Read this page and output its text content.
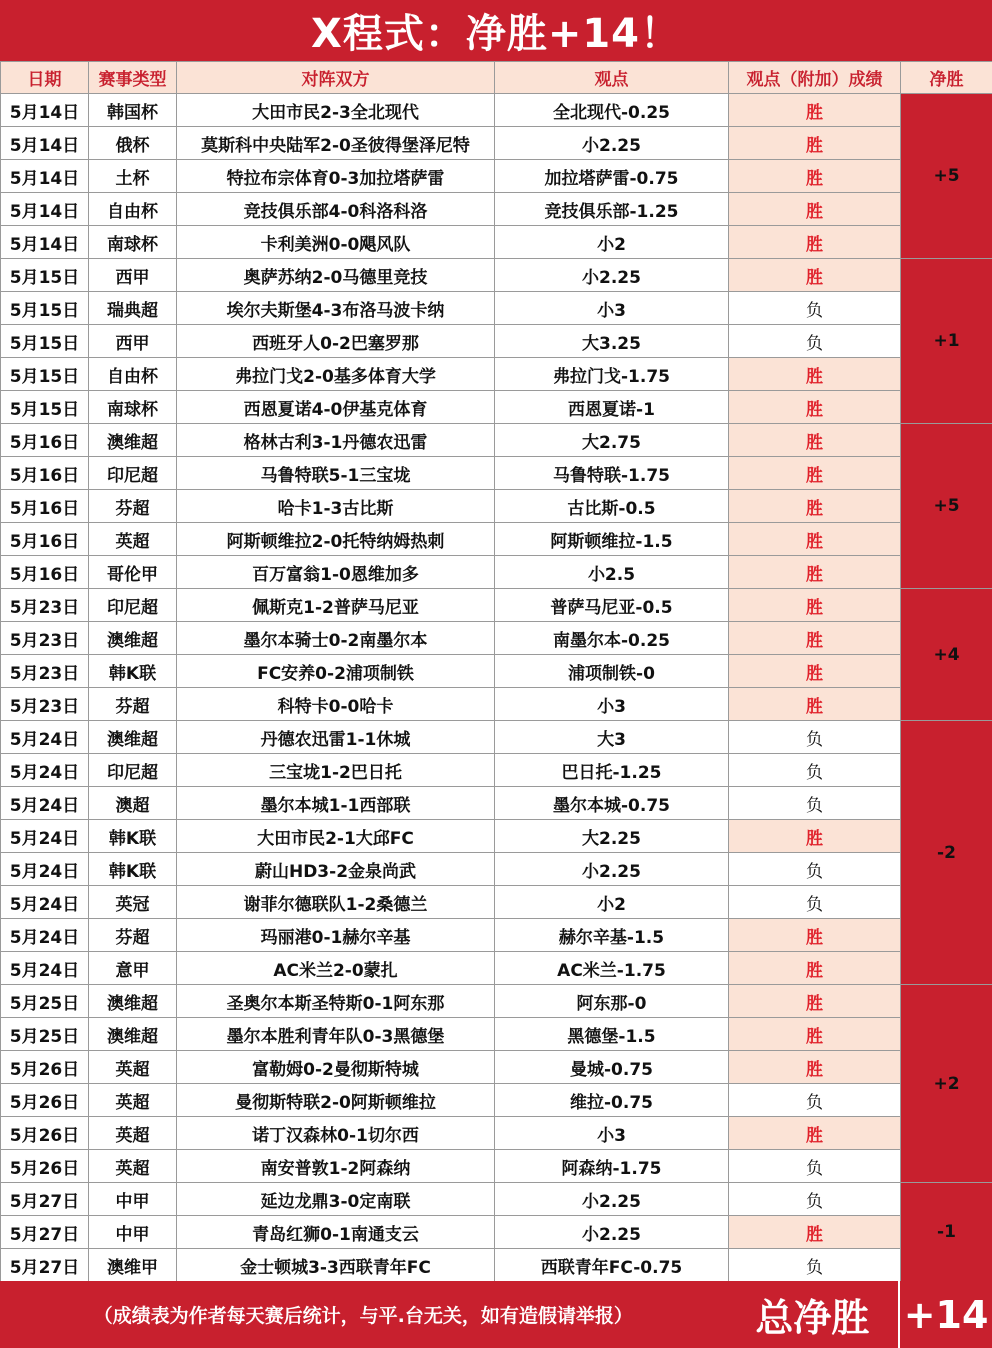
X程式：净胜+14！
日期	赛事类型	对阵双方	观点	观点（附加）成绩	净胜
5月14日	韩国杯	大田市民2-3全北现代	全北现代-0.25	胜	+5
5月14日	俄杯	莫斯科中央陆军2-0圣彼得堡泽尼特	小2.25	胜	
5月14日	土杯	特拉布宗体育0-3加拉塔萨雷	加拉塔萨雷-0.75	胜	
5月14日	自由杯	竞技俱乐部4-0科洛科洛	竞技俱乐部-1.25	胜	
5月14日	南球杯	卡利美洲0-0飓风队	小2	胜	
5月15日	西甲	奥萨苏纳2-0马德里竞技	小2.25	胜	+1
5月15日	瑞典超	埃尔夫斯堡4-3布洛马波卡纳	小3	负	
5月15日	西甲	西班牙人0-2巴塞罗那	大3.25	负	
5月15日	自由杯	弗拉门戈2-0基多体育大学	弗拉门戈-1.75	胜	
5月15日	南球杯	西恩夏诺4-0伊基克体育	西恩夏诺-1	胜	
5月16日	澳维超	格林古利3-1丹德农迅雷	大2.75	胜	+5
5月16日	印尼超	马鲁特联5-1三宝垅	马鲁特联-1.75	胜	
5月16日	芬超	哈卡1-3古比斯	古比斯-0.5	胜	
5月16日	英超	阿斯顿维拉2-0托特纳姆热刺	阿斯顿维拉-1.5	胜	
5月16日	哥伦甲	百万富翁1-0恩维加多	小2.5	胜	
5月23日	印尼超	佩斯克1-2普萨马尼亚	普萨马尼亚-0.5	胜	+4
5月23日	澳维超	墨尔本骑士0-2南墨尔本	南墨尔本-0.25	胜	
5月23日	韩K联	FC安养0-2浦项制铁	浦项制铁-0	胜	
5月23日	芬超	科特卡0-0哈卡	小3	胜	
5月24日	澳维超	丹德农迅雷1-1休城	大3	负	-2
5月24日	印尼超	三宝垅1-2巴日托	巴日托-1.25	负	
5月24日	澳超	墨尔本城1-1西部联	墨尔本城-0.75	负	
5月24日	韩K联	大田市民2-1大邱FC	大2.25	胜	
5月24日	韩K联	蔚山HD3-2金泉尚武	小2.25	负	
5月24日	英冠	谢菲尔德联队1-2桑德兰	小2	负	
5月24日	芬超	玛丽港0-1赫尔辛基	赫尔辛基-1.5	胜	
5月24日	意甲	AC米兰2-0蒙扎	AC米兰-1.75	胜	
5月25日	澳维超	圣奥尔本斯圣特斯0-1阿东那	阿东那-0	胜	+2
5月25日	澳维超	墨尔本胜利青年队0-3黑德堡	黑德堡-1.5	胜	
5月26日	英超	富勒姆0-2曼彻斯特城	曼城-0.75	胜	
5月26日	英超	曼彻斯特联2-0阿斯顿维拉	维拉-0.75	负	
5月26日	英超	诺丁汉森林0-1切尔西	小3	胜	
5月26日	英超	南安普敦1-2阿森纳	阿森纳-1.75	负	
5月27日	中甲	延边龙鼎3-0定南联	小2.25	负	-1
5月27日	中甲	青岛红狮0-1南通支云	小2.25	胜	
5月27日	澳维甲	金士顿城3-3西联青年FC	西联青年FC-0.75	负	
（成绩表为作者每天赛后统计，与平.台无关，如有造假请举报）	总净胜 +14
